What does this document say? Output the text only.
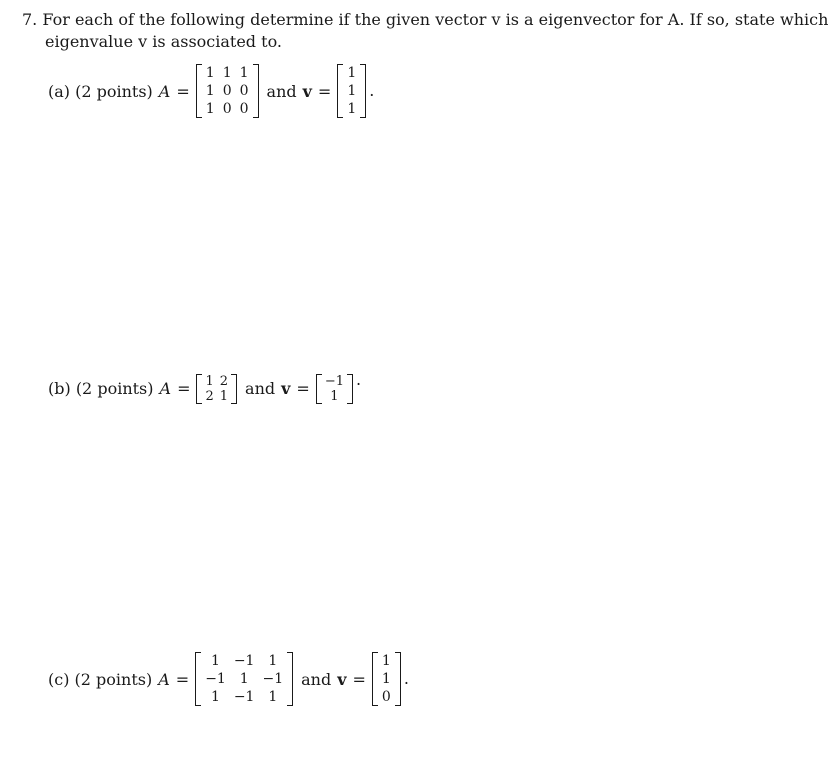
7. For each of the following determine if the given vector v is a eigenvector for A. If so, state which
eigenvalue v is associated to.
(a) (2 points) A =
1	1	1
1	0	0
1	0	0
and v =
1
1
1
.
(b) (2 points) A = 1	2
2	1 and v = −1
1
.
(c) (2 points) A =
1	−1	1
−1	1	−1
1	−1	1
and v =
1
1
0
.
